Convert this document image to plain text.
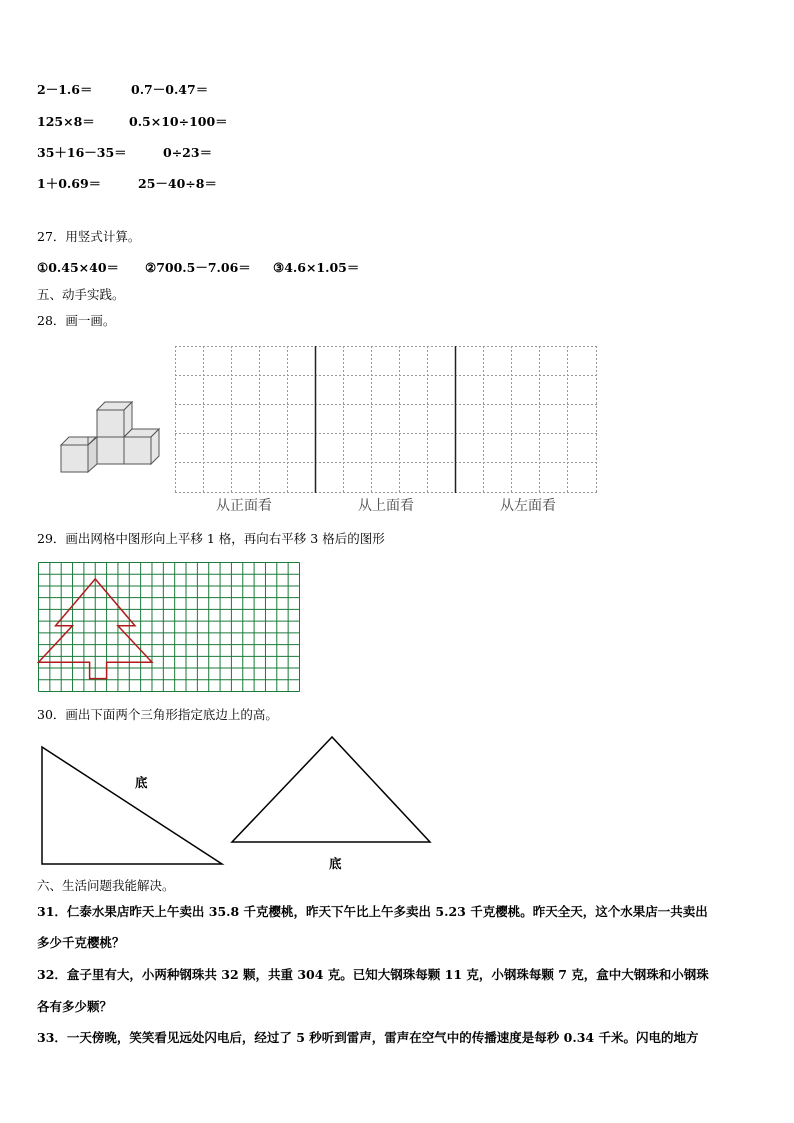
2－1.6＝	0.7－0.47＝
125×8＝	0.5×10÷100＝
35＋16－35＝	0÷23＝
1＋0.69＝	25－40÷8＝
27．用竖式计算。
①0.45×40＝ ②700.5－7.06＝ ③4.6×1.05＝
五、动手实践。
28．画一画。
从正面看	从上面看	从左面看
29．画出网格中图形向上平移 1 格，再向右平移 3 格后的图形
30．画出下面两个三角形指定底边上的高。
底
底
六、生活问题我能解决。
31．仁泰水果店昨天上午卖出 35.8 千克樱桃，昨天下午比上午多卖出 5.23 千克樱桃。昨天全天，这个水果店一共卖出
多少千克樱桃？
32．盒子里有大，小两种钢珠共 32 颗，共重 304 克。已知大钢珠每颗 11 克，小钢珠每颗 7 克，盒中大钢珠和小钢珠
各有多少颗？
33．一天傍晚，笑笑看见远处闪电后，经过了 5 秒听到雷声，雷声在空气中的传播速度是每秒 0.34 千米。闪电的地方
